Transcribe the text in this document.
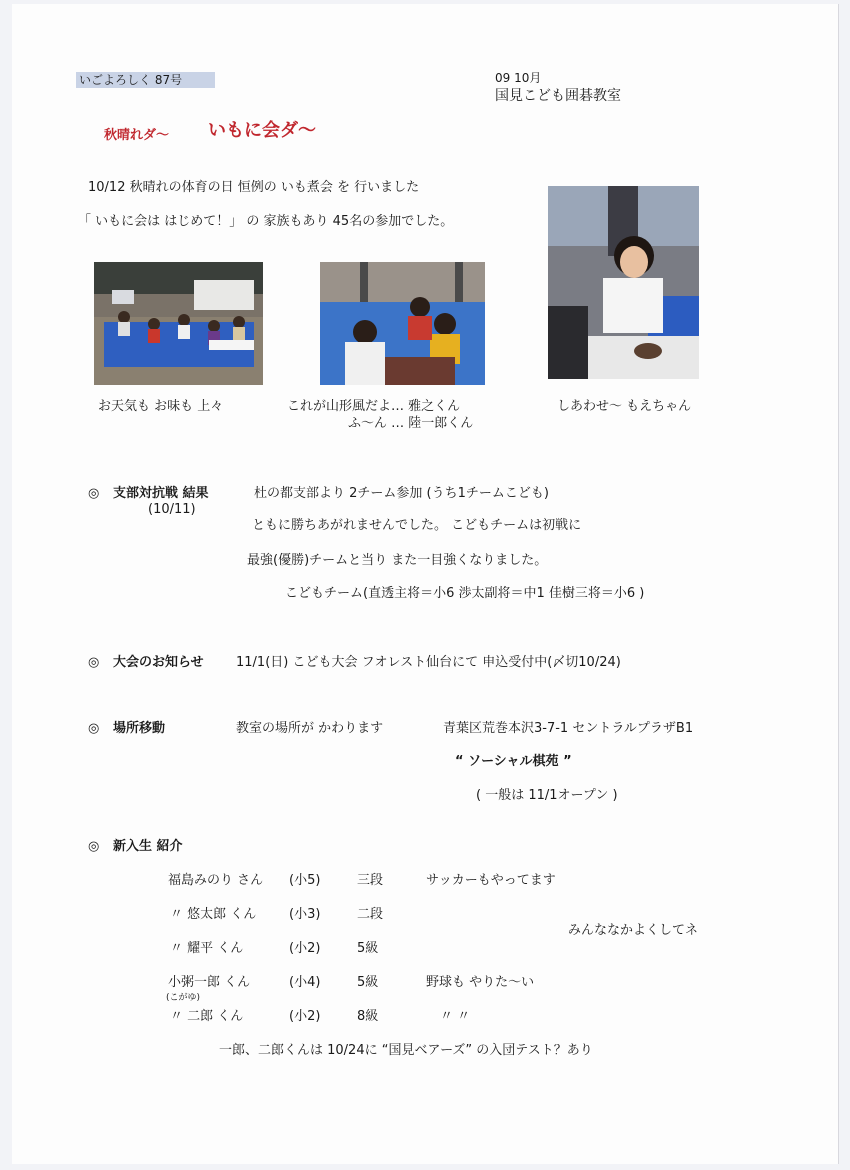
いごよろしく 87号	09 10月
国見こども囲碁教室
秋晴れダ～ いもに会ダ～
10/12 秋晴れの体育の日 恒例の いも煮会 を 行いました
「 いもに会は はじめて！」 の 家族もあり 45名の参加でした。
お天気も お味も 上々	これが山形風だよ… 雅之くん
ふ～ん … 陸一郎くん
しあわせ～ もえちゃん
◎ 支部対抗戦 結果
(10/11)
杜の都支部より 2チーム参加 (うち1チームこども)
ともに勝ちあがれませんでした。 こどもチームは初戦に
最強(優勝)チームと当り また一目強くなりました。
こどもチーム(直透主将＝小6 渉太副将＝中1 佳樹三将＝小6 )
◎ 大会のお知らせ 11/1(日) こども大会 フオレスト仙台にて 申込受付中(〆切10/24)
◎ 場所移動	教室の場所が かわります	青葉区荒巻本沢3-7-1 セントラルプラザB1
“ ソーシャル棋苑 ”
( 一般は 11/1オープン )
◎ 新入生 紹介
福島みのり さん (小5)	三段	サッカーもやってます
〃 悠太郎 くん	(小3)	二段
〃 耀平 くん	(小2)	5級
みんななかよくしてネ
小粥一郎 くん	(小4)	5級	野球も やりた～い
(こがゆ)
〃 二郎 くん	(小2)	8級	〃 〃
一郎、二郎くんは 10/24に “国見ベアーズ” の入団テスト？あり
